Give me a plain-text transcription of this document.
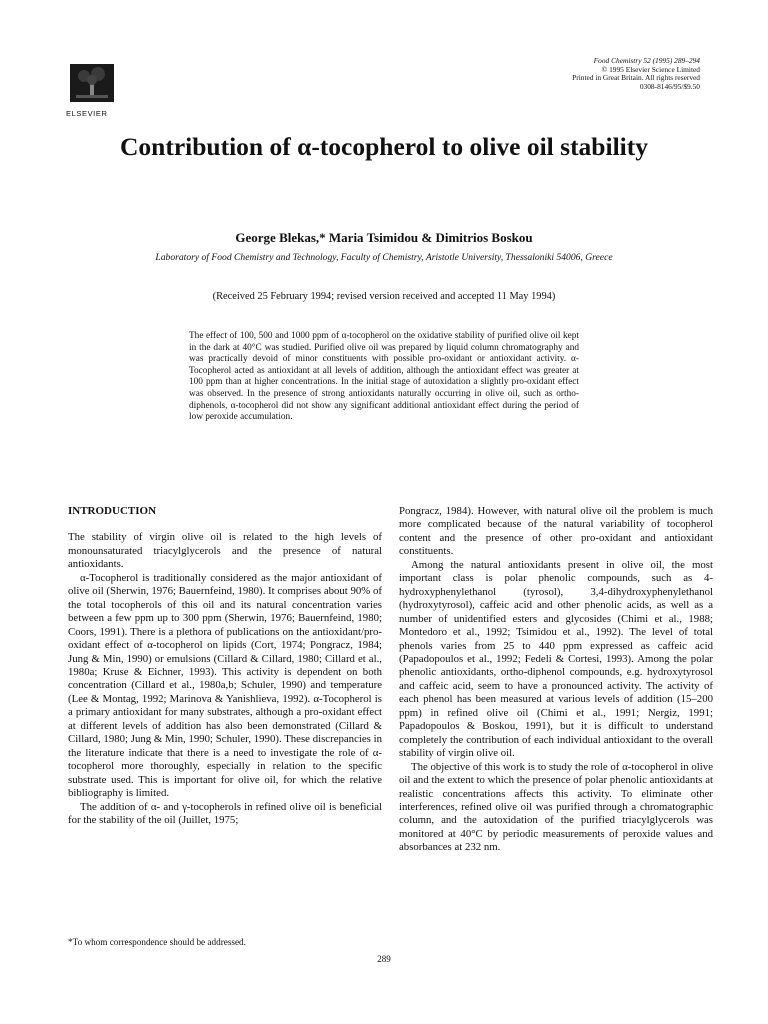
ELSEVIER
Food Chemistry 52 (1995) 289–294
© 1995 Elsevier Science Limited
Printed in Great Britain. All rights reserved
0308-8146/95/$9.50
Contribution of α-tocopherol to olive oil stability
George Blekas,* Maria Tsimidou & Dimitrios Boskou
Laboratory of Food Chemistry and Technology, Faculty of Chemistry, Aristotle University, Thessaloniki 54006, Greece
(Received 25 February 1994; revised version received and accepted 11 May 1994)

The effect of 100, 500 and 1000 ppm of α-tocopherol on the oxidative stability of purified olive oil kept in the dark at 40°C was studied. Purified olive oil was prepared by liquid column chromatography and was practically devoid of minor constituents with possible pro-oxidant or antioxidant activity. α-Tocopherol acted as antioxidant at all levels of addition, although the antioxidant effect was greater at 100 ppm than at higher concentrations. In the initial stage of autoxidation a slightly pro-oxidant effect was observed. In the presence of strong antioxidants naturally occurring in olive oil, such as ortho-diphenols, α-tocopherol did not show any significant additional antioxidant effect during the period of low peroxide accumulation.

INTRODUCTION

The stability of virgin olive oil is related to the high levels of monounsaturated triacylglycerols and the presence of natural antioxidants.

α-Tocopherol is traditionally considered as the major antioxidant of olive oil (Sherwin, 1976; Bauernfeind, 1980). It comprises about 90% of the total tocopherols of this oil and its natural concentration varies between a few ppm up to 300 ppm (Sherwin, 1976; Bauernfeind, 1980; Coors, 1991). There is a plethora of publications on the antioxidant/pro-oxidant effect of α-tocopherol on lipids (Cort, 1974; Pongracz, 1984; Jung & Min, 1990) or emulsions (Cillard & Cillard, 1980; Cillard et al., 1980a; Kruse & Eichner, 1993). This activity is dependent on both concentration (Cillard et al., 1980a,b; Schuler, 1990) and temperature (Lee & Montag, 1992; Marinova & Yanishlieva, 1992). α-Tocopherol is a primary antioxidant for many substrates, although a pro-oxidant effect at different levels of addition has also been demonstrated (Cillard & Cillard, 1980; Jung & Min, 1990; Schuler, 1990). These discrepancies in the literature indicate that there is a need to investigate the role of α-tocopherol more thoroughly, especially in relation to the specific substrate used. This is important for olive oil, for which the relative bibliography is limited.

The addition of α- and γ-tocopherols in refined olive oil is beneficial for the stability of the oil (Juillet, 1975;

Pongracz, 1984). However, with natural olive oil the problem is much more complicated because of the natural variability of tocopherol content and the presence of other pro-oxidant and antioxidant constituents.

Among the natural antioxidants present in olive oil, the most important class is polar phenolic compounds, such as 4-hydroxyphenylethanol (tyrosol), 3,4-dihydroxyphenylethanol (hydroxytyrosol), caffeic acid and other phenolic acids, as well as a number of unidentified esters and glycosides (Chimi et al., 1988; Montedoro et al., 1992; Tsimidou et al., 1992). The level of total phenols varies from 25 to 440 ppm expressed as caffeic acid (Papadopoulos et al., 1992; Fedeli & Cortesi, 1993). Among the polar phenolic antioxidants, ortho-diphenol compounds, e.g. hydroxytyrosol and caffeic acid, seem to have a pronounced activity. The activity of each phenol has been measured at various levels of addition (15–200 ppm) in refined olive oil (Chimi et al., 1991; Nergiz, 1991; Papadopoulos & Boskou, 1991), but it is difficult to understand completely the contribution of each individual antioxidant to the overall stability of virgin olive oil.

The objective of this work is to study the role of α-tocopherol in olive oil and the extent to which the presence of polar phenolic antioxidants at realistic concentrations affects this activity. To eliminate other interferences, refined olive oil was purified through a chromatographic column, and the autoxidation of the purified triacylglycerols was monitored at 40°C by periodic measurements of peroxide values and absorbances at 232 nm.

*To whom correspondence should be addressed.
289
